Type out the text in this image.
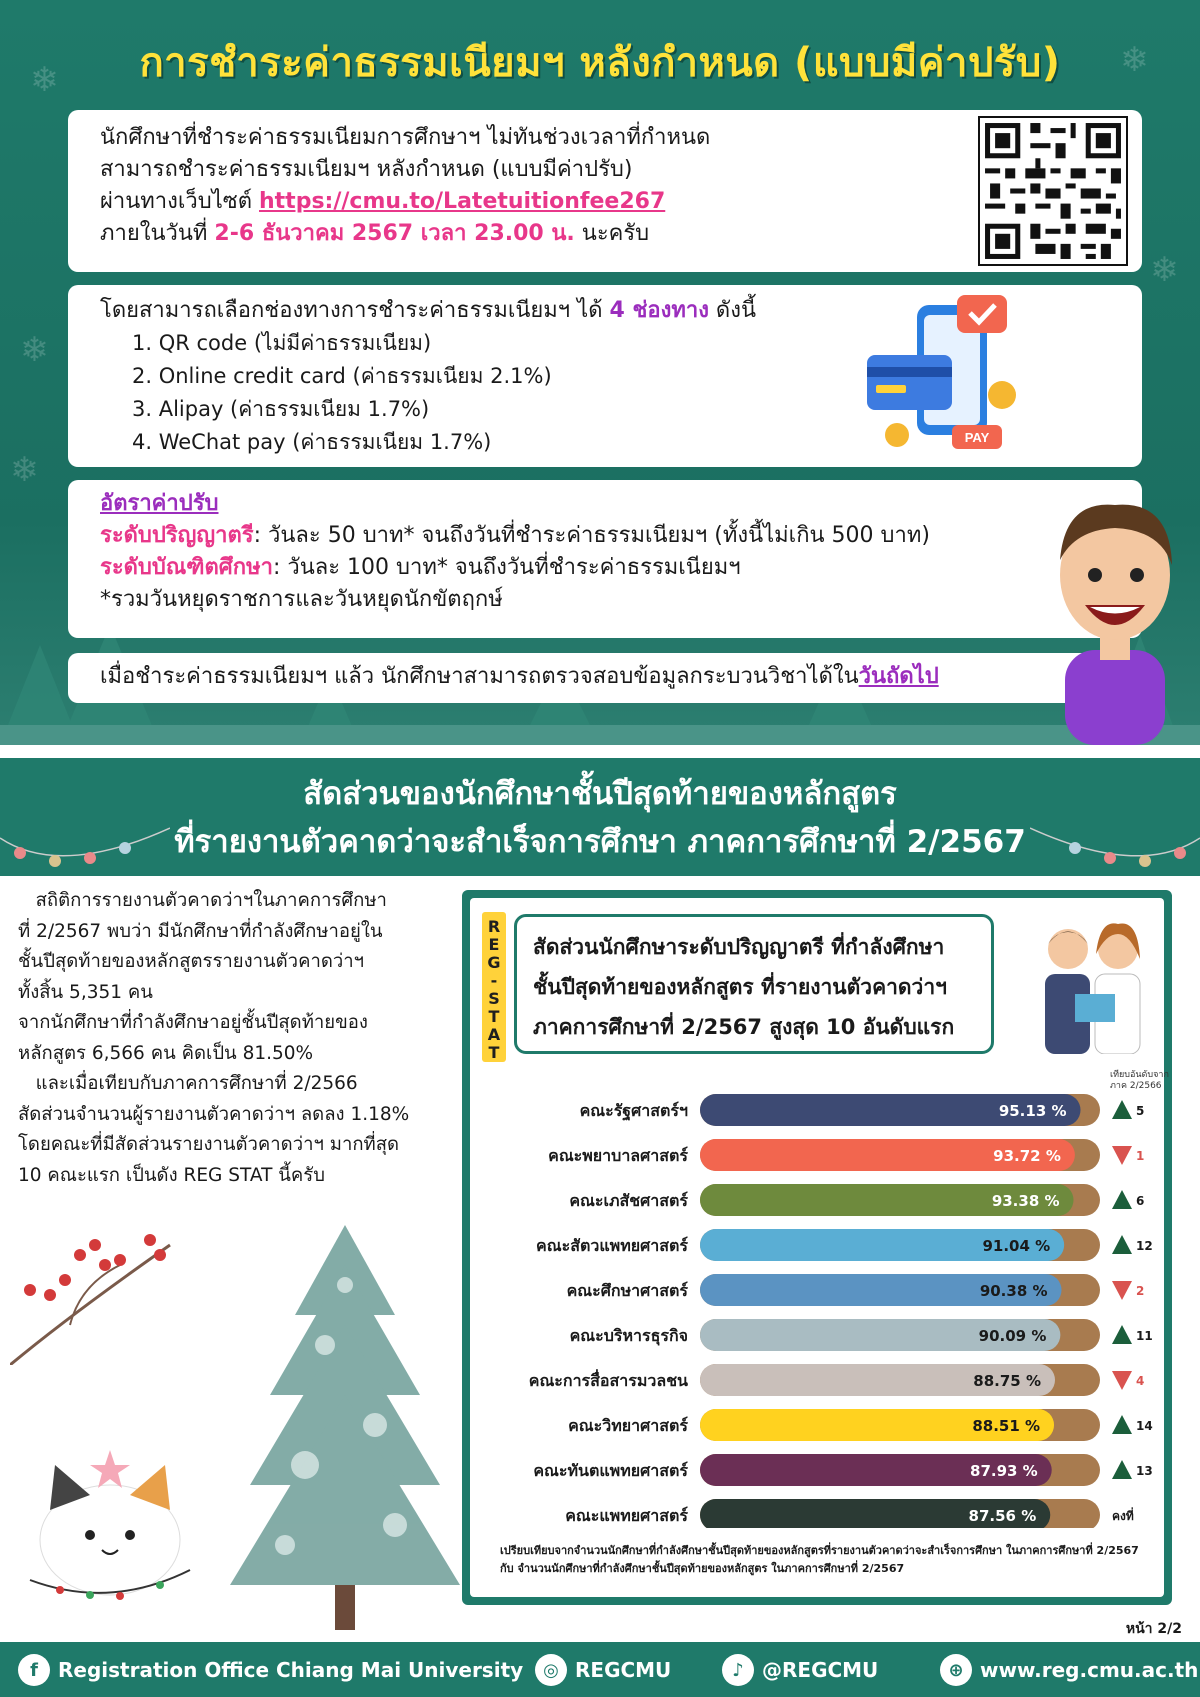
❄	❄
❄
❄
❄
การชำระค่าธรรมเนียมฯ หลังกำหนด (แบบมีค่าปรับ)
นักศึกษาที่ชำระค่าธรรมเนียมการศึกษาฯ ไม่ทันช่วงเวลาที่กำหนด
สามารถชำระค่าธรรมเนียมฯ หลังกำหนด (แบบมีค่าปรับ)
ผ่านทางเว็บไซต์ https://cmu.to/Latetuitionfee267
ภายในวันที่ 2-6 ธันวาคม 2567 เวลา 23.00 น. นะครับ
โดยสามารถเลือกช่องทางการชำระค่าธรรมเนียมฯ ได้ 4 ช่องทาง ดังนี้
1. QR code (ไม่มีค่าธรรมเนียม)
2. Online credit card (ค่าธรรมเนียม 2.1%)
3. Alipay (ค่าธรรมเนียม 1.7%)
4. WeChat pay (ค่าธรรมเนียม 1.7%)	PAY
อัตราค่าปรับ
ระดับปริญญาตรี: วันละ 50 บาท* จนถึงวันที่ชำระค่าธรรมเนียมฯ (ทั้งนี้ไม่เกิน 500 บาท)
ระดับบัณฑิตศึกษา: วันละ 100 บาท* จนถึงวันที่ชำระค่าธรรมเนียมฯ
*รวมวันหยุดราชการและวันหยุดนักขัตฤกษ์
เมื่อชำระค่าธรรมเนียมฯ แล้ว นักศึกษาสามารถตรวจสอบข้อมูลกระบวนวิชาได้ในวันถัดไป
สัดส่วนของนักศึกษาชั้นปีสุดท้ายของหลักสูตร
ที่รายงานตัวคาดว่าจะสำเร็จการศึกษา ภาคการศึกษาที่ 2/2567

สถิติการรายงานตัวคาดว่าฯในภาคการศึกษา

ที่ 2/2567 พบว่า มีนักศึกษาที่กำลังศึกษาอยู่ใน

ชั้นปีสุดท้ายของหลักสูตรรายงานตัวคาดว่าฯ

ทั้งสิ้น 5,351 คน

จากนักศึกษาที่กำลังศึกษาอยู่ชั้นปีสุดท้ายของ

หลักสูตร 6,566 คน คิดเป็น 81.50%

และเมื่อเทียบกับภาคการศึกษาที่ 2/2566

สัดส่วนจำนวนผู้รายงานตัวคาดว่าฯ ลดลง 1.18%

โดยคณะที่มีสัดส่วนรายงานตัวคาดว่าฯ มากที่สุด

10 คณะแรก เป็นดัง REG STAT นี้ครับ

R
E
G
-
S
T
A
T
สัดส่วนนักศึกษาระดับปริญญาตรี ที่กำลังศึกษา
ชั้นปีสุดท้ายของหลักสูตร ที่รายงานตัวคาดว่าฯ
ภาคการศึกษาที่ 2/2567 สูงสุด 10 อันดับแรก
เทียบอันดับจาก ภาค 2/2566
คณะรัฐศาสตร์ฯ	95.13 %	5
คณะพยาบาลศาสตร์	93.72 %	1
คณะเภสัชศาสตร์	93.38 %	6
คณะสัตวแพทยศาสตร์	91.04 %	12
คณะศึกษาศาสตร์	90.38 %	2
คณะบริหารธุรกิจ	90.09 %	11
คณะการสื่อสารมวลชน	88.75 %	4
คณะวิทยาศาสตร์	88.51 %	14
คณะทันตแพทยศาสตร์	87.93 %	13
คณะแพทยศาสตร์	87.56 %	คงที่
เปรียบเทียบจากจำนวนนักศึกษาที่กำลังศึกษาชั้นปีสุดท้ายของหลักสูตรที่รายงานตัวคาดว่าจะสำเร็จการศึกษา ในภาคการศึกษาที่ 2/2567
กับ จำนวนนักศึกษาที่กำลังศึกษาชั้นปีสุดท้ายของหลักสูตร ในภาคการศึกษาที่ 2/2567
หน้า 2/2
f	Registration Office Chiang Mai University	◎ REGCMU	♪ @REGCMU	⊕ www.reg.cmu.ac.th
